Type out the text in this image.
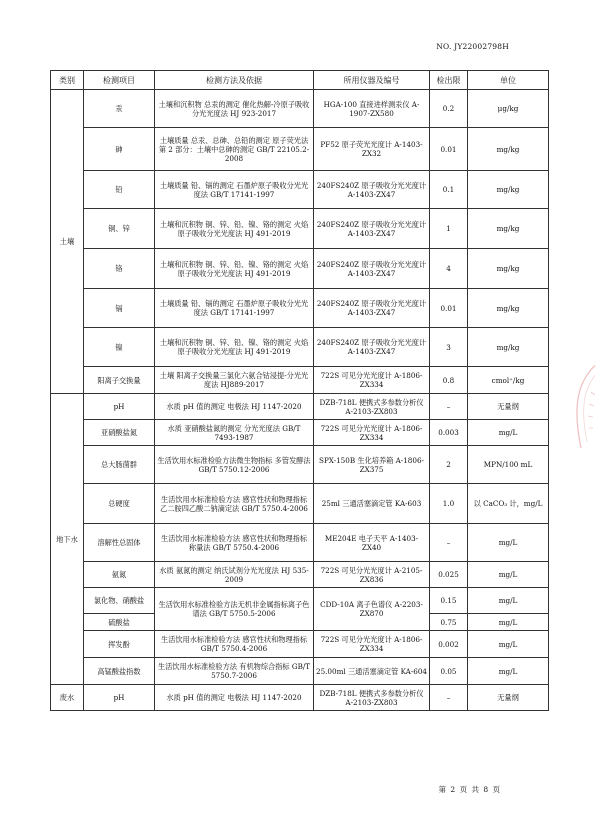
NO. JY22002798H
类别	检测项目	检测方法及依据	所用仪器及编号	检出限	单位
土壤	汞	土壤和沉积物 总汞的测定 催化热解-冷原子吸收分光光度法 HJ 923-2017	HGA-100 直接进样测汞仪 A-1907-ZX580	0.2	μg/kg
	砷	土壤质量 总汞、总砷、总铅的测定 原子荧光法 第 2 部分：土壤中总砷的测定 GB/T 22105.2-2008	PF52 原子荧光光度计 A-1403-ZX32	0.01	mg/kg
	铅	土壤质量 铅、镉的测定 石墨炉原子吸收分光光度法 GB/T 17141-1997	240FS240Z 原子吸收分光光度计 A-1403-ZX47	0.1	mg/kg
	铜、锌	土壤和沉积物 铜、锌、铅、镍、铬的测定 火焰原子吸收分光光度法 HJ 491-2019	240FS240Z 原子吸收分光光度计 A-1403-ZX47	1	mg/kg
	铬	土壤和沉积物 铜、锌、铅、镍、铬的测定 火焰原子吸收分光光度法 HJ 491-2019	240FS240Z 原子吸收分光光度计 A-1403-ZX47	4	mg/kg
	镉	土壤质量 铅、镉的测定 石墨炉原子吸收分光光度法 GB/T 17141-1997	240FS240Z 原子吸收分光光度计 A-1403-ZX47	0.01	mg/kg
	镍	土壤和沉积物 铜、锌、铅、镍、铬的测定 火焰原子吸收分光光度法 HJ 491-2019	240FS240Z 原子吸收分光光度计 A-1403-ZX47	3	mg/kg
	阳离子交换量	土壤 阳离子交换量三氯化六氨合钴浸提-分光光度法 HJ889-2017	722S 可见分光光度计 A-1806-ZX334	0.8	cmol⁺/kg
地下水	pH	水质 pH 值的测定 电极法 HJ 1147-2020	DZB-718L 便携式多参数分析仪 A-2103-ZX803	–	无量纲
	亚硝酸盐氮	水质 亚硝酸盐氮的测定 分光光度法 GB/T 7493-1987	722S 可见分光光度计 A-1806-ZX334	0.003	mg/L
	总大肠菌群	生活饮用水标准检验方法微生物指标 多管发酵法 GB/T 5750.12-2006	SPX-150B 生化培养箱 A-1806-ZX375	2	MPN/100 mL
	总硬度	生活饮用水标准检验方法 感官性状和物理指标 乙二胺四乙酸二钠滴定法 GB/T 5750.4-2006	25ml 三通活塞滴定管 KA-603	1.0	以 CaCO₃ 计，mg/L
	溶解性总固体	生活饮用水标准检验方法 感官性状和物理指标 称量法 GB/T 5750.4-2006	ME204E 电子天平 A-1403-ZX40	–	mg/L
	氨氮	水质 氨氮的测定 纳氏试剂分光光度法 HJ 535-2009	722S 可见分光光度计 A-2105-ZX836	0.025	mg/L
	氯化物、硝酸盐	生活饮用水标准检验方法无机非金属指标离子色谱法 GB/T 5750.5-2006	CDD-10A 离子色谱仪 A-2203-ZX870	0.15	mg/L
	硫酸盐			0.75	mg/L
	挥发酚	生活饮用水标准检验方法 感官性状和物理指标 GB/T 5750.4-2006	722S 可见分光光度计 A-1806-ZX334	0.002	mg/L
	高锰酸盐指数	生活饮用水标准检验方法 有机物综合指标 GB/T 5750.7-2006	25.00ml 三通活塞滴定管 KA-604	0.05	mg/L
废水	pH	水质 pH 值的测定 电极法 HJ 1147-2020	DZB-718L 便携式多参数分析仪 A-2103-ZX803	–	无量纲
第 2 页 共 8 页
